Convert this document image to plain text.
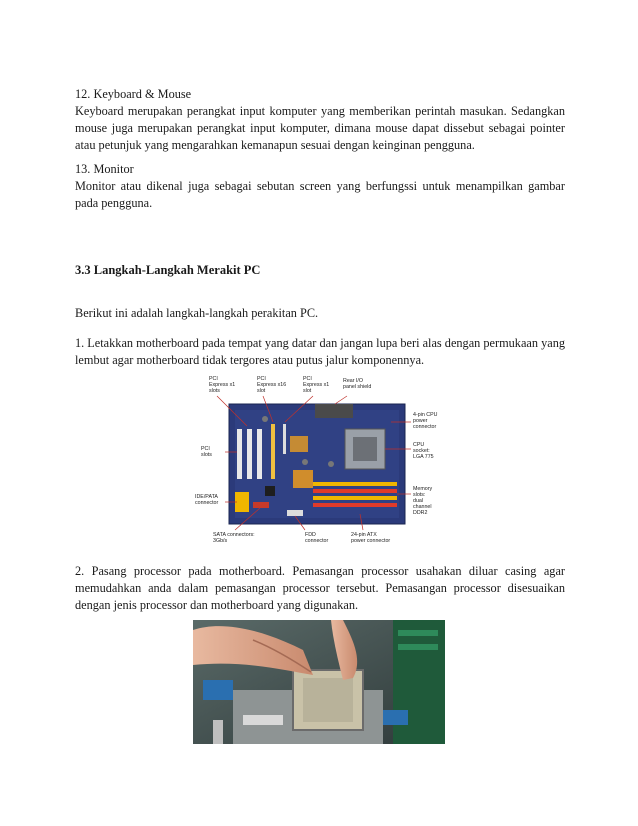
12. Keyboard & Mouse

Keyboard merupakan perangkat input komputer yang memberikan perintah masukan. Sedangkan mouse juga merupakan perangkat input komputer, dimana mouse dapat dissebut sebagai pointer atau petunjuk yang mengarahkan kemanapun sesuai dengan keinginan pengguna.

13. Monitor

Monitor atau dikenal juga sebagai sebutan screen yang berfungssi untuk menampilkan gambar pada pengguna.

3.3 Langkah-Langkah Merakit PC

Berikut ini adalah langkah-langkah perakitan PC.

1. Letakkan motherboard pada tempat yang datar dan jangan lupa beri alas dengan permukaan yang lembut agar motherboard tidak tergores atau putus jalur komponennya.

PCI
Express x1
slots
PCI
Express x16
slot
PCI
Express x1
slot
Rear I/O
panel shield
4-pin CPU
power
connector
CPU
socket:
LGA 775
PCI
slots
Memory
slots:
dual
channel
DDR2
IDE/PATA
connector
SATA connectors:
3Gb/s
FDD
connector
24-pin ATX
power connector

2. Pasang processor pada motherboard. Pemasangan processor usahakan diluar casing agar memudahkan anda dalam pemasangan processor tersebut. Pemasangan processor disesuaikan dengan jenis processor dan motherboard yang digunakan.
